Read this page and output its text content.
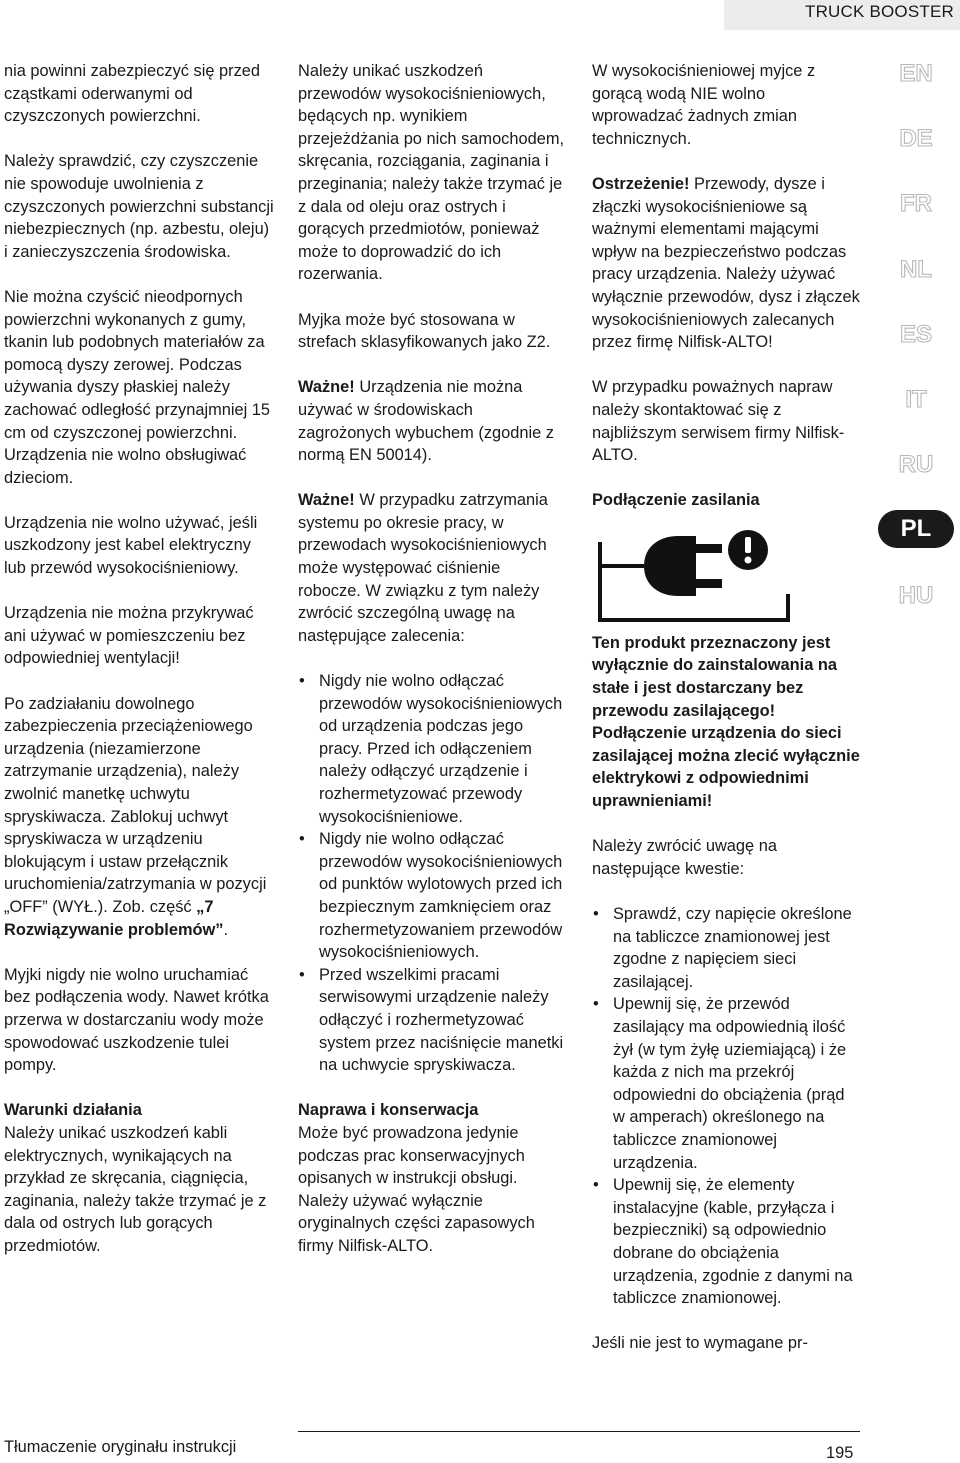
TRUCK BOOSTER

nia powinni zabezpieczyć się przed cząstkami oderwanymi od czyszczonych powierzchni.

Należy sprawdzić, czy czyszczenie nie spowoduje uwolnienia z czyszczonych powierzchni substancji niebezpiecznych (np. azbestu, oleju) i zanieczyszczenia środowiska.

Nie można czyścić nieodpornych powierzchni wykonanych z gumy, tkanin lub podobnych materiałów za pomocą dyszy zerowej. Podczas używania dyszy płaskiej należy zachować odległość przynajmniej 15 cm od czyszczonej powierzchni. Urządzenia nie wolno obsługiwać dzieciom.

Urządzenia nie wolno używać, jeśli uszkodzony jest kabel elektryczny lub przewód wysokociśnieniowy.

Urządzenia nie można przykrywać ani używać w pomieszczeniu bez odpowiedniej wentylacji!

Po zadziałaniu dowolnego zabezpieczenia przeciążeniowego urządzenia (niezamierzone zatrzymanie urządzenia), należy zwolnić manetkę uchwytu spryskiwacza. Zablokuj uchwyt spryskiwacza w urządzeniu blokującym i ustaw przełącznik uruchomienia/zatrzymania w pozycji „OFF” (WYŁ.). Zob. część „7 Rozwiązywanie problemów”.

Myjki nigdy nie wolno uruchamiać bez podłączenia wody. Nawet krótka przerwa w dostarczaniu wody może spowodować uszkodzenie tulei pompy.

Warunki działania
Należy unikać uszkodzeń kabli elektrycznych, wynikających na przykład ze skręcania, ciągnięcia, zaginania, należy także trzymać je z dala od ostrych lub gorących przedmiotów.

Należy unikać uszkodzeń przewodów wysokociśnieniowych, będących np. wynikiem przejeżdżania po nich samochodem, skręcania, rozciągania, zaginania i przeginania; należy także trzymać je z dala od oleju oraz ostrych i gorących przedmiotów, ponieważ może to doprowadzić do ich rozerwania.

Myjka może być stosowana w strefach sklasyfikowanych jako Z2.

Ważne! Urządzenia nie można używać w środowiskach zagrożonych wybuchem (zgodnie z normą EN 50014).

Ważne! W przypadku zatrzymania systemu po okresie pracy, w przewodach wysokociśnieniowych może występować ciśnienie robocze. W związku z tym należy zwrócić szczególną uwagę na następujące zalecenia:

• Nigdy nie wolno odłączać przewodów wysokociśnieniowych od urządzenia podczas jego pracy. Przed ich odłączeniem należy odłączyć urządzenie i rozhermetyzować przewody wysokociśnieniowe.
• Nigdy nie wolno odłączać przewodów wysokociśnieniowych od punktów wylotowych przed ich bezpiecznym zamknięciem oraz rozhermetyzowaniem przewodów wysokociśnieniowych.
• Przed wszelkimi pracami serwisowymi urządzenie należy odłączyć i rozhermetyzować system przez naciśnięcie manetki na uchwycie spryskiwacza.

Naprawa i konserwacja
Może być prowadzona jedynie podczas prac konserwacyjnych opisanych w instrukcji obsługi. Należy używać wyłącznie oryginalnych części zapasowych firmy Nilfisk-ALTO.

W wysokociśnieniowej myjce z gorącą wodą NIE wolno wprowadzać żadnych zmian technicznych.

Ostrzeżenie! Przewody, dysze i złączki wysokociśnieniowe są ważnymi elementami mającymi wpływ na bezpieczeństwo podczas pracy urządzenia. Należy używać wyłącznie przewodów, dysz i złączek wysokociśnieniowych zalecanych przez firmę Nilfisk-ALTO!

W przypadku poważnych napraw należy skontaktować się z najbliższym serwisem firmy Nilfisk-ALTO.

Podłączenie zasilania

Ten produkt przeznaczony jest wyłącznie do zainstalowania na stałe i jest dostarczany bez przewodu zasilającego! Podłączenie urządzenia do sieci zasilającej można zlecić wyłącznie elektrykowi z odpowiednimi uprawnieniami!

Należy zwrócić uwagę na następujące kwestie:

• Sprawdź, czy napięcie określone na tabliczce znamionowej jest zgodne z napięciem sieci zasilającej.
• Upewnij się, że przewód zasilający ma odpowiednią ilość żył (w tym żyłę uziemiającą) i że każda z nich ma przekrój odpowiedni do obciążenia (prąd w amperach) określonego na tabliczce znamionowej urządzenia.
• Upewnij się, że elementy instalacyjne (kable, przyłącza i bezpieczniki) są odpowiednio dobrane do obciążenia urządzenia, zgodnie z danymi na tabliczce znamionowej.

Jeśli nie jest to wymagane pr-

EN
DE
FR
NL
ES
IT
RU
PL
HU
Tłumaczenie oryginału instrukcji	195
